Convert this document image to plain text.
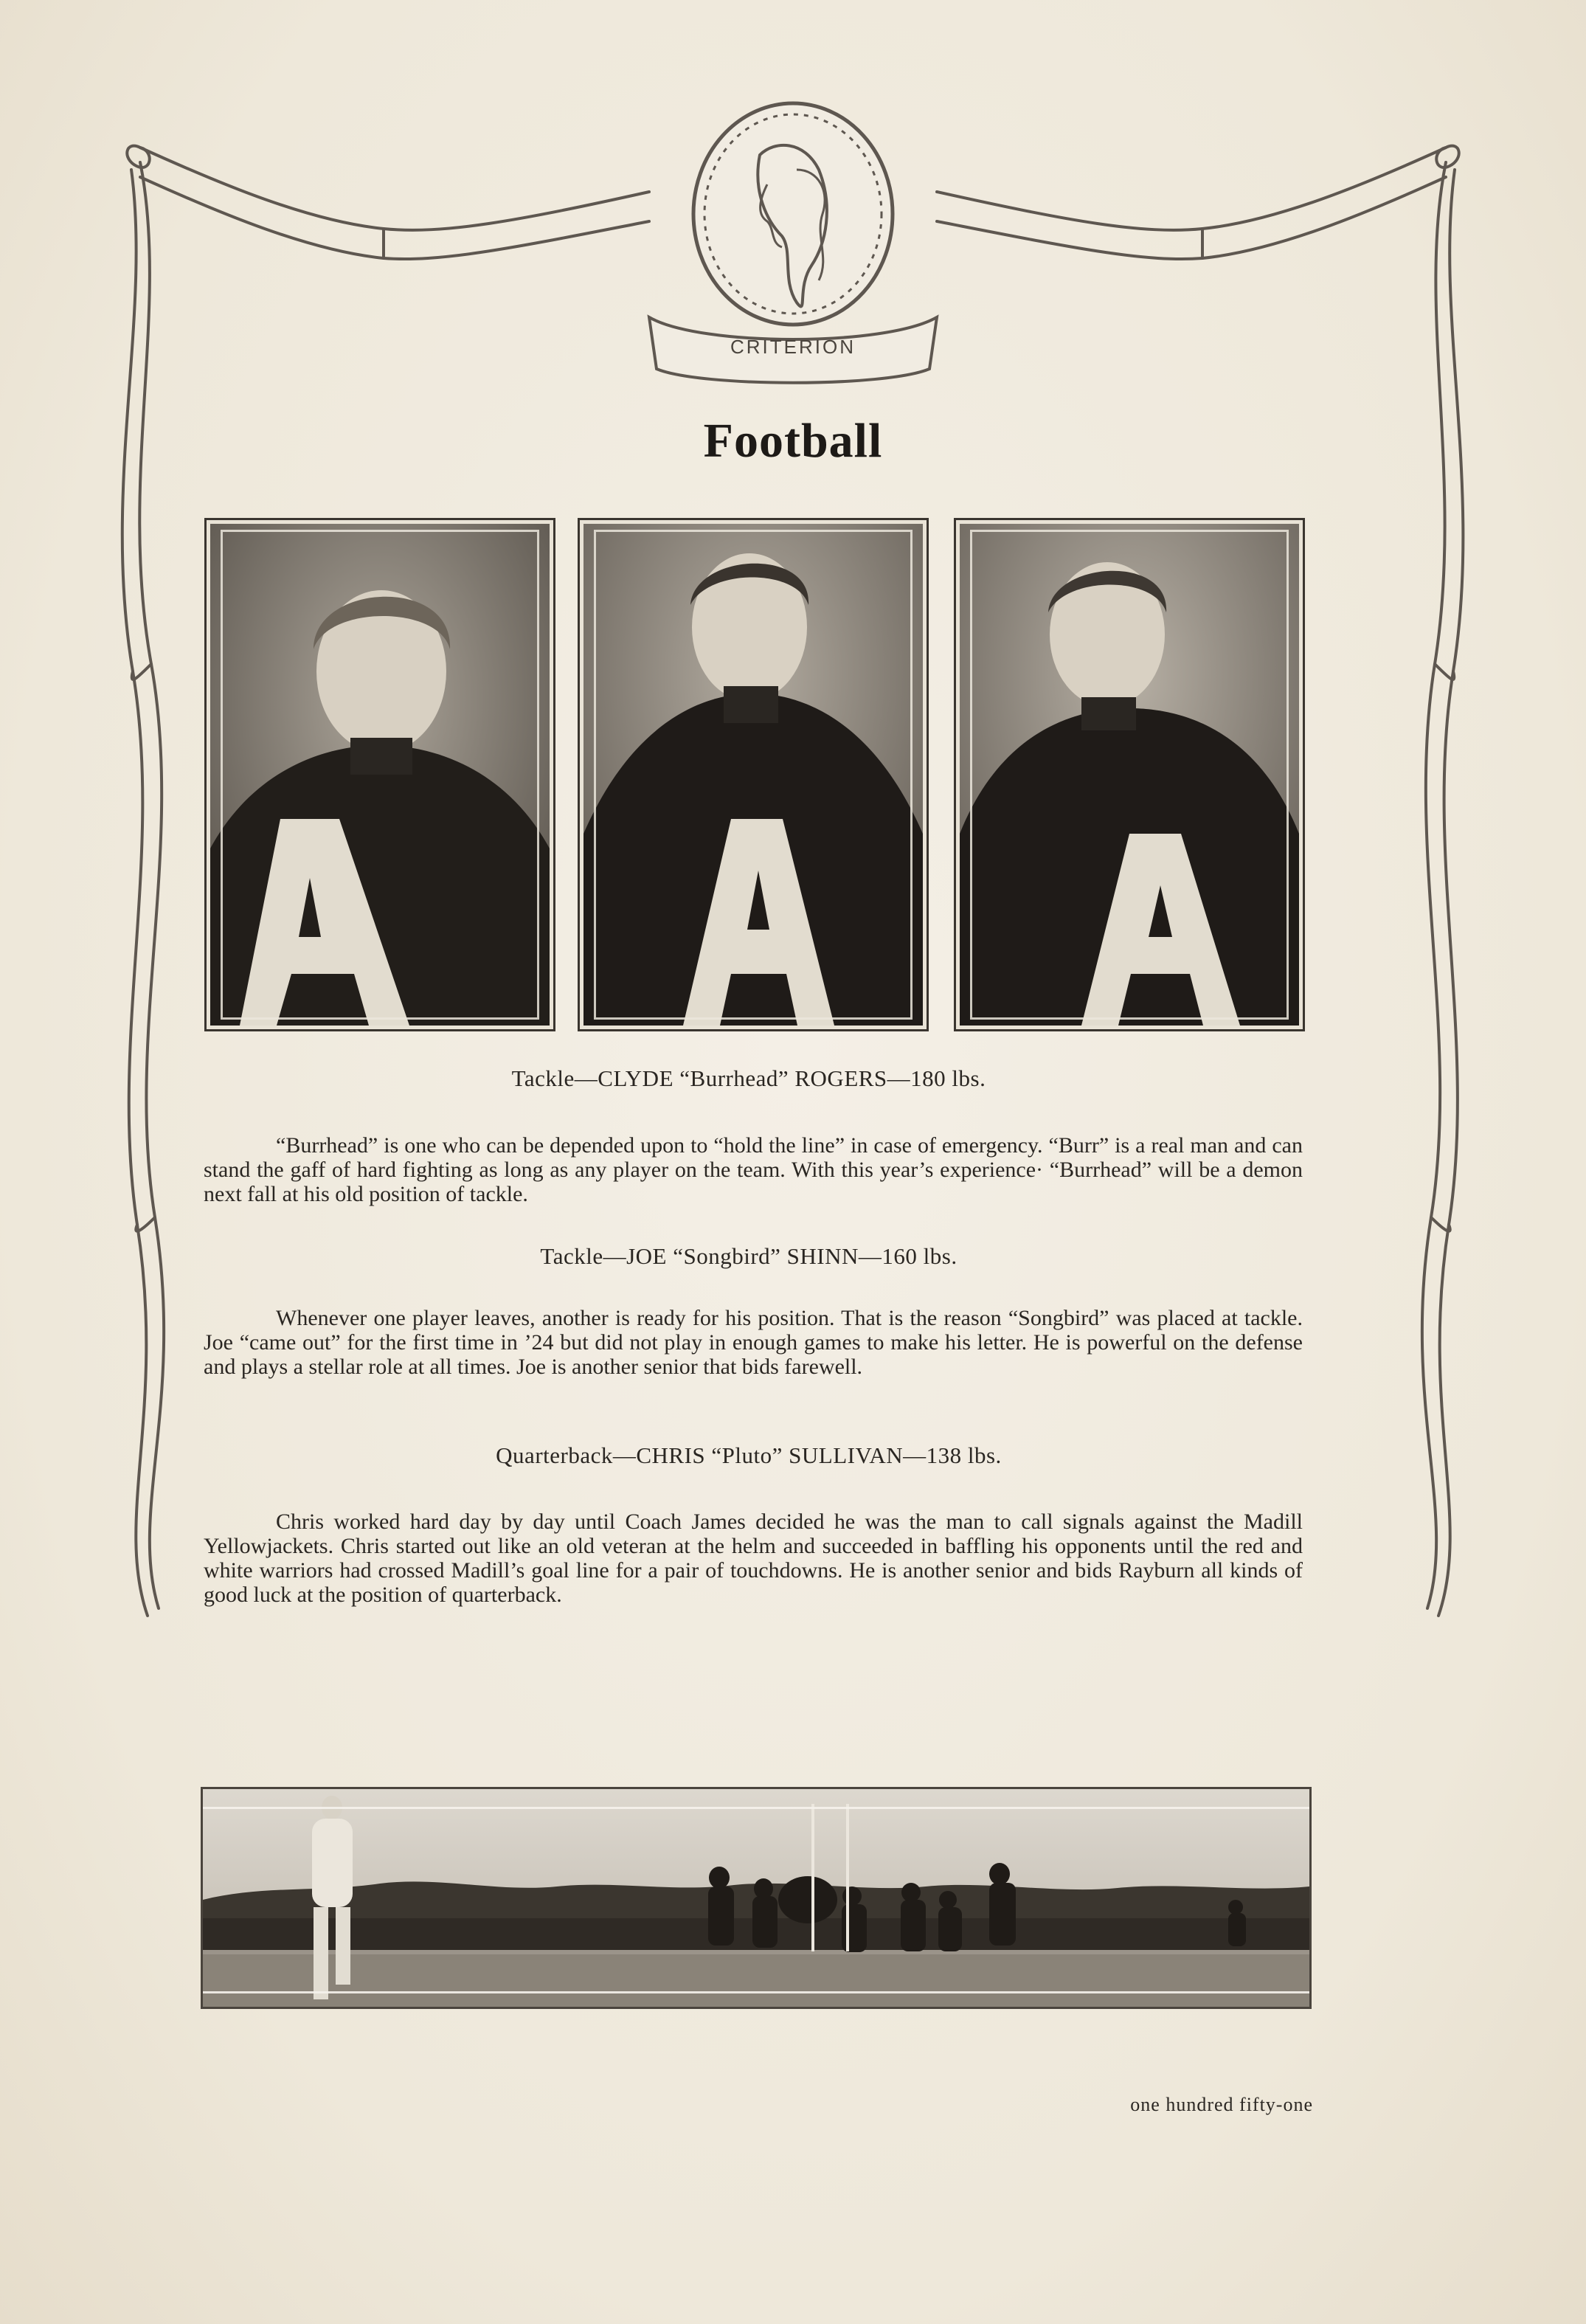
CRITERION
Football
Tackle—CLYDE “Burrhead” ROGERS—180 lbs.
“Burrhead” is one who can be depended upon to “hold the line” in case of emergency. “Burr” is a real man and can stand the gaff of hard fighting as long as any player on the team. With this year’s experience· “Burrhead” will be a demon next fall at his old position of tackle.
Tackle—JOE “Songbird” SHINN—160 lbs.
Whenever one player leaves, another is ready for his position. That is the reason “Songbird” was placed at tackle. Joe “came out” for the first time in ’24 but did not play in enough games to make his letter. He is powerful on the defense and plays a stellar role at all times. Joe is another senior that bids farewell.
Quarterback—CHRIS “Pluto” SULLIVAN—138 lbs.
Chris worked hard day by day until Coach James decided he was the man to call signals against the Madill Yellowjackets. Chris started out like an old veteran at the helm and succeeded in baffling his opponents until the red and white warriors had crossed Madill’s goal line for a pair of touchdowns. He is another senior and bids Rayburn all kinds of good luck at the position of quarterback.
one hundred fifty-one
